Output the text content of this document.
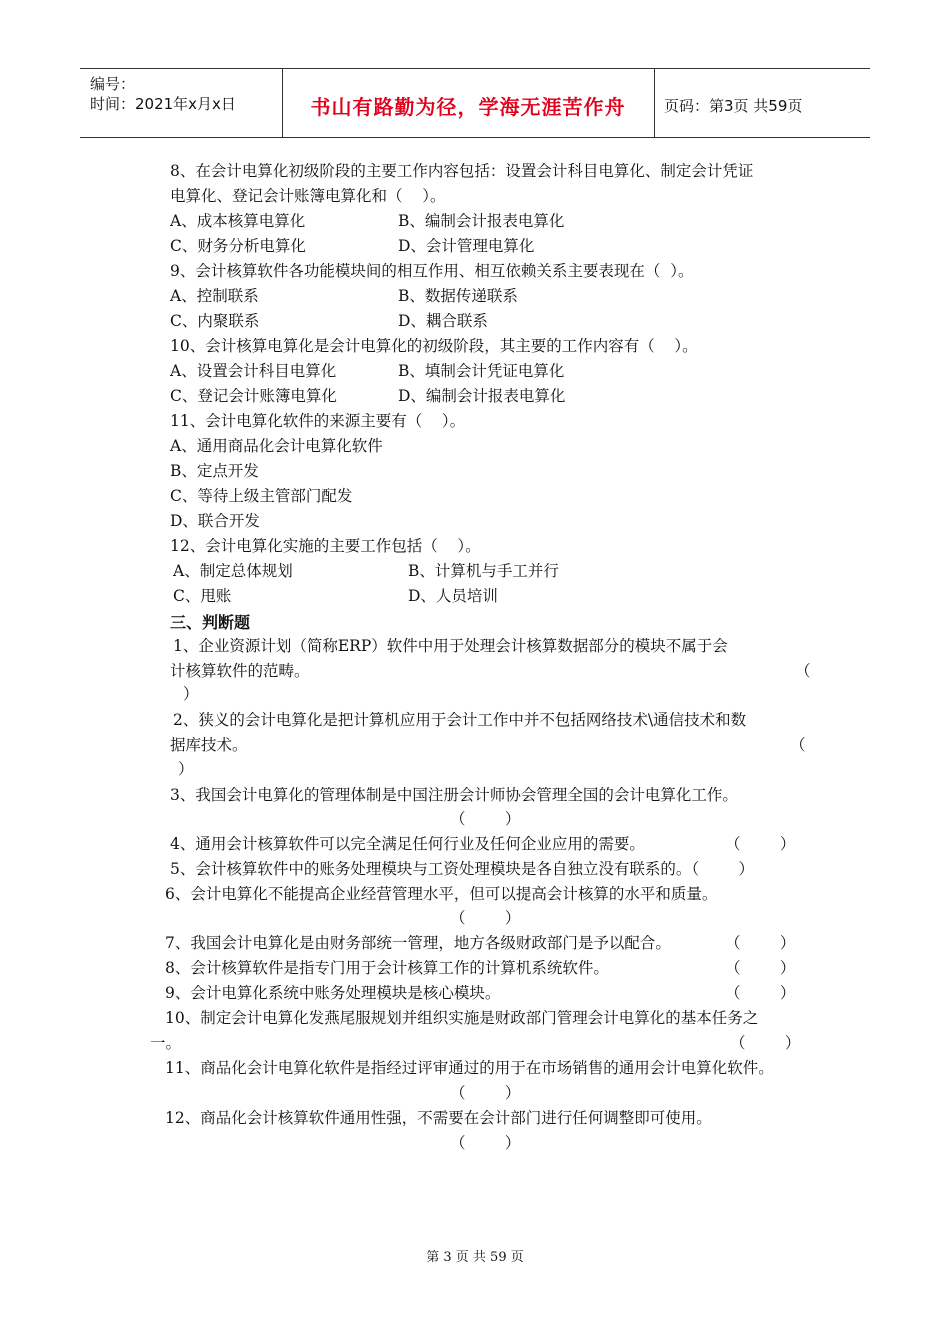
编号：
时间：2021年x月x日	书山有路勤为径，学海无涯苦作舟	页码：第3页 共59页
8、在会计电算化初级阶段的主要工作内容包括：设置会计科目电算化、制定会计凭证
电算化、登记会计账簿电算化和（    ）。
A、成本核算电算化	B、编制会计报表电算化
C、财务分析电算化	D、会计管理电算化
9、会计核算软件各功能模块间的相互作用、相互依赖关系主要表现在（  ）。
A、控制联系	B、数据传递联系
C、内聚联系	D、耦合联系
10、会计核算电算化是会计电算化的初级阶段，其主要的工作内容有（    ）。
A、设置会计科目电算化	B、填制会计凭证电算化
C、登记会计账簿电算化	D、编制会计报表电算化
11、会计电算化软件的来源主要有（    ）。
A、通用商品化会计电算化软件
B、定点开发
C、等待上级主管部门配发
D、联合开发
12、会计电算化实施的主要工作包括（    ）。
A、制定总体规划	B、计算机与手工并行
C、甩账	D、人员培训
三、判断题
1、企业资源计划（简称ERP）软件中用于处理会计核算数据部分的模块不属于会
计核算软件的范畴。	（
）
2、狭义的会计电算化是把计算机应用于会计工作中并不包括网络技术\通信技术和数
据库技术。	（
）
3、我国会计电算化的管理体制是中国注册会计师协会管理全国的会计电算化工作。
（        ）
4、通用会计核算软件可以完全满足任何行业及任何企业应用的需要。	（        ）
5、会计核算软件中的账务处理模块与工资处理模块是各自独立没有联系的。（        ）
6、会计电算化不能提高企业经营管理水平，但可以提高会计核算的水平和质量。
（        ）
7、我国会计电算化是由财务部统一管理，地方各级财政部门是予以配合。	（        ）
8、会计核算软件是指专门用于会计核算工作的计算机系统软件。	（        ）
9、会计电算化系统中账务处理模块是核心模块。	（        ）
10、制定会计电算化发燕尾服规划并组织实施是财政部门管理会计电算化的基本任务之
一。	（        ）
11、商品化会计电算化软件是指经过评审通过的用于在市场销售的通用会计电算化软件。
（        ）
12、商品化会计核算软件通用性强，不需要在会计部门进行任何调整即可使用。
（        ）
第 3 页 共 59 页
